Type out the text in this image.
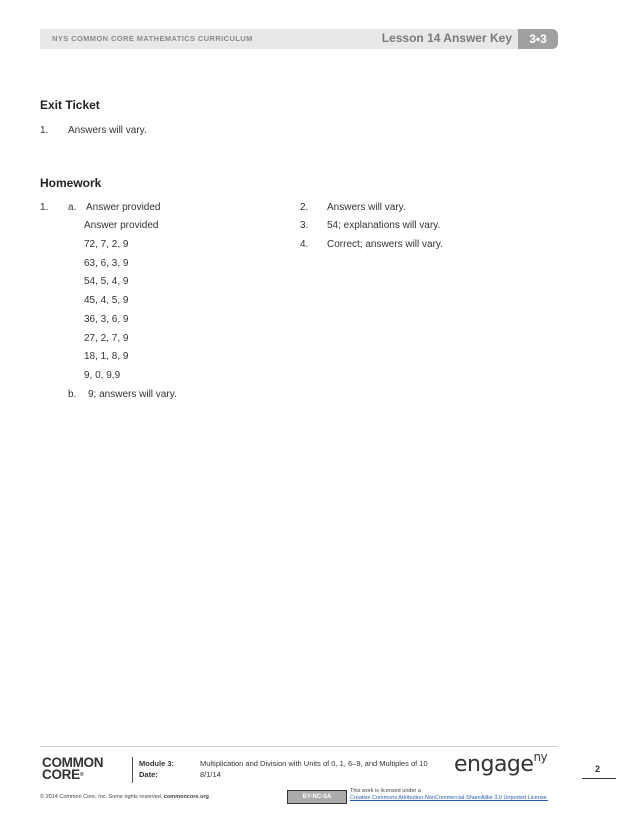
NYS COMMON CORE MATHEMATICS CURRICULUM	Lesson 14 Answer Key	3•3
Exit Ticket
1. Answers will vary.
Homework
1. a. Answer provided
Answer provided
72, 7, 2, 9
63, 6, 3, 9
54, 5, 4, 9
45, 4, 5, 9
36, 3, 6, 9
27, 2, 7, 9
18, 1, 8, 9
9, 0, 9,9
b. 9; answers will vary.
2. Answers will vary.
3. 54; explanations will vary.
4. Correct; answers will vary.
COMMON
CORE®
Module 3:	Multiplication and Division with Units of 0, 1, 6–9, and Multiples of 10
Date:	8/1/14	engage$^{ny}$
2
© 2014 Common Core, Inc. Some rights reserved. commoncore.org	BY-NC-SA
This work is licensed under a
Creative Commons Attribution-NonCommercial-ShareAlike 3.0 Unported License.
